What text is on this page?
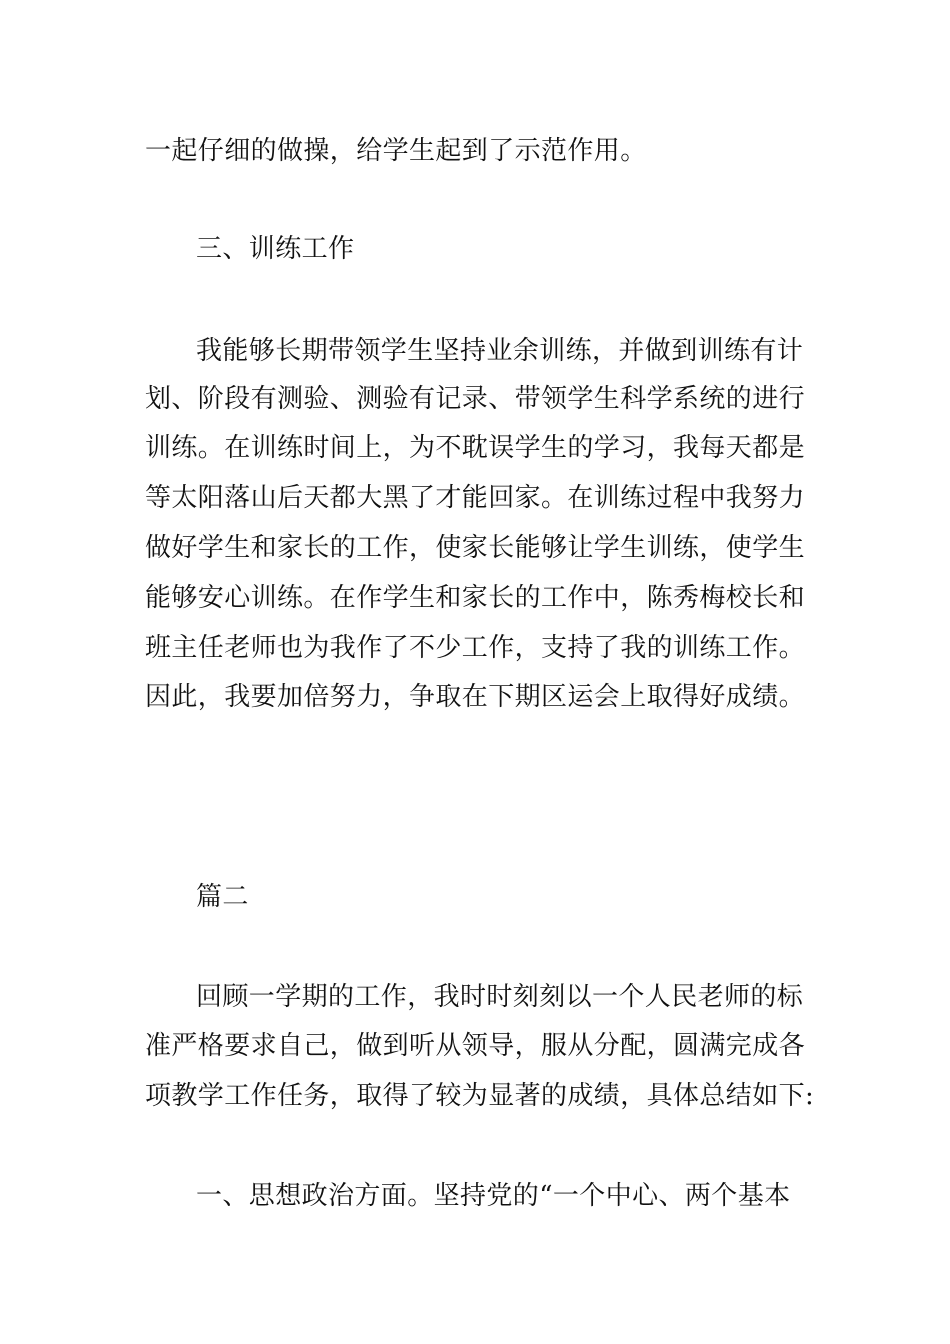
一起仔细的做操，给学生起到了示范作用。
三、训练工作
我能够长期带领学生坚持业余训练，并做到训练有计
划、阶段有测验、测验有记录、带领学生科学系统的进行
训练。在训练时间上，为不耽误学生的学习，我每天都是
等太阳落山后天都大黑了才能回家。在训练过程中我努力
做好学生和家长的工作，使家长能够让学生训练，使学生
能够安心训练。在作学生和家长的工作中，陈秀梅校长和
班主任老师也为我作了不少工作，支持了我的训练工作。
因此，我要加倍努力，争取在下期区运会上取得好成绩。
篇二
回顾一学期的工作，我时时刻刻以一个人民老师的标
准严格要求自己，做到听从领导，服从分配，圆满完成各
项教学工作任务，取得了较为显著的成绩，具体总结如下:
一、思想政治方面。坚持党的“一个中心、两个基本
